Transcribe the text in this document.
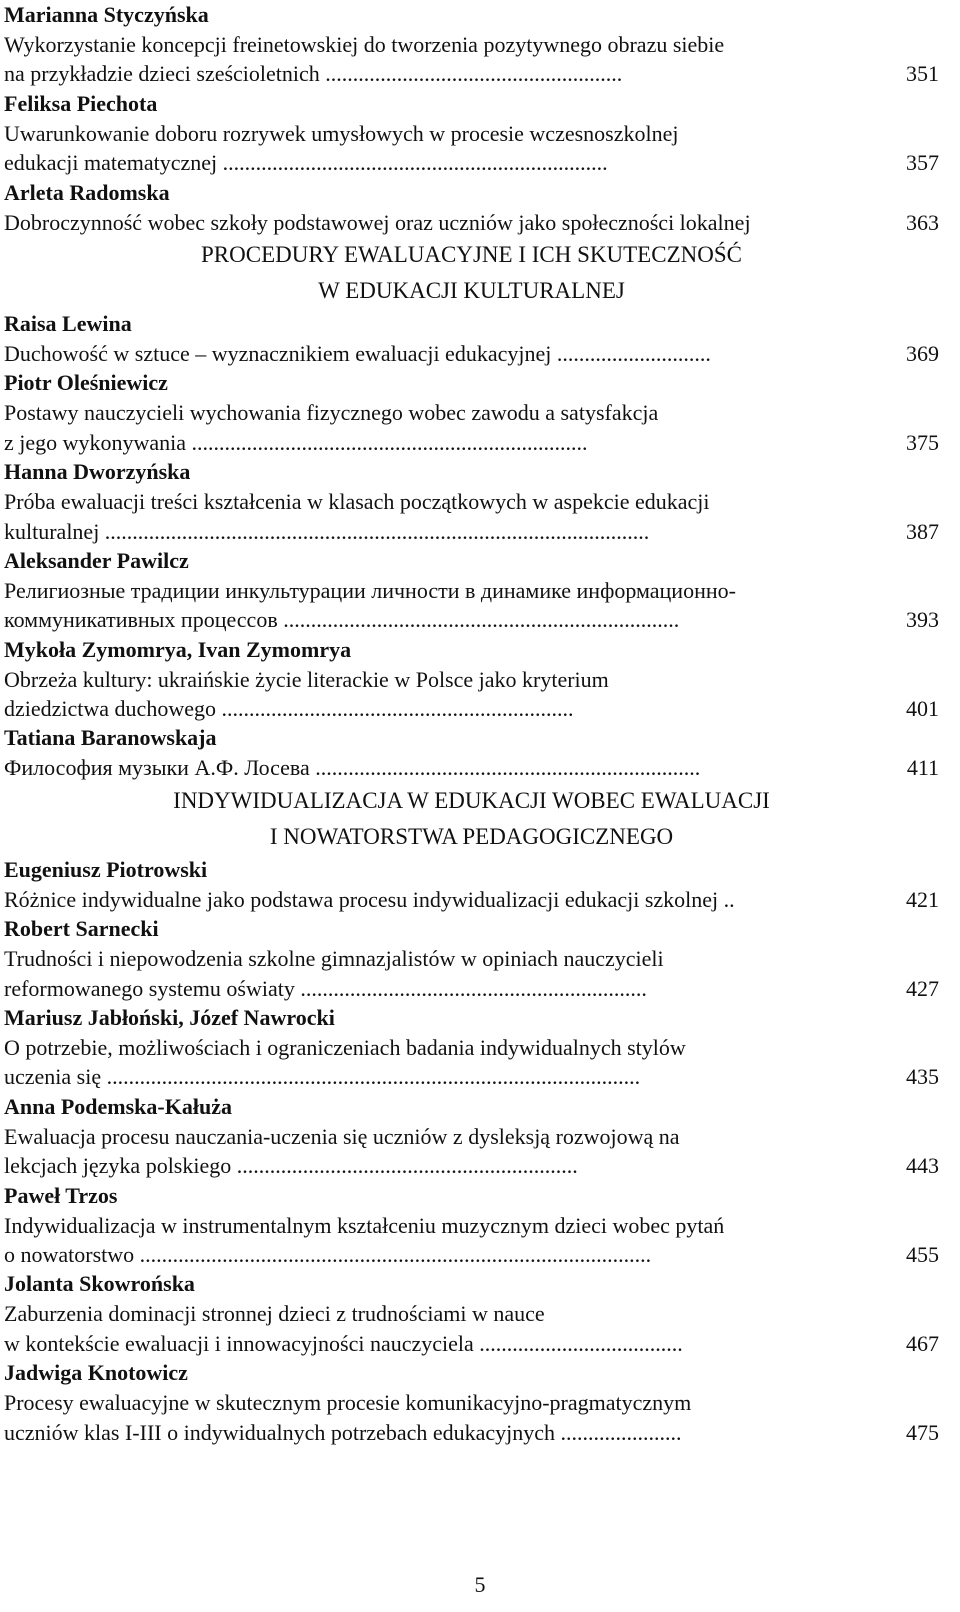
Marianna Styczyńska
Wykorzystanie koncepcji freinetowskiej do tworzenia pozytywnego obrazu siebie
na przykładzie dzieci sześcioletnich ......................................................	351
Feliksa Piechota
Uwarunkowanie doboru rozrywek umysłowych w procesie wczesnoszkolnej
edukacji matematycznej ......................................................................	357
Arleta Radomska
Dobroczynność wobec szkoły podstawowej oraz uczniów jako społeczności lokalnej	363
PROCEDURY EWALUACYJNE I ICH SKUTECZNOŚĆ
W EDUKACJI KULTURALNEJ
Raisa Lewina
Duchowość w sztuce – wyznacznikiem ewaluacji edukacyjnej ............................	369
Piotr Oleśniewicz
Postawy nauczycieli wychowania fizycznego wobec zawodu a satysfakcja
z jego wykonywania ........................................................................	375
Hanna Dworzyńska
Próba ewaluacji treści kształcenia w klasach początkowych w aspekcie edukacji
kulturalnej ...................................................................................................	387
Aleksander Pawilcz
Религиозные традиции инкультурации личности в динамике информационно-
коммуникативных процессов ........................................................................	393
Mykoła Zymomrya, Ivan Zymomrya
Obrzeża kultury: ukraińskie życie literackie w Polsce jako kryterium
dziedzictwa duchowego ................................................................	401
Tatiana Baranowskaja
Философия музыки А.Ф. Лосева ......................................................................	411
INDYWIDUALIZACJA W EDUKACJI WOBEC EWALUACJI
I NOWATORSTWA PEDAGOGICZNEGO
Eugeniusz Piotrowski
Różnice indywidualne jako podstawa procesu indywidualizacji edukacji szkolnej ..	421
Robert Sarnecki
Trudności i niepowodzenia szkolne gimnazjalistów w opiniach nauczycieli
reformowanego systemu oświaty ...............................................................	427
Mariusz Jabłoński, Józef Nawrocki
O potrzebie, możliwościach i ograniczeniach badania indywidualnych stylów
uczenia się .................................................................................................	435
Anna Podemska-Kałuża
Ewaluacja procesu nauczania-uczenia się uczniów z dysleksją rozwojową na
lekcjach języka polskiego ..............................................................	443
Paweł Trzos
Indywidualizacja w instrumentalnym kształceniu muzycznym dzieci wobec pytań
o nowatorstwo .............................................................................................	455
Jolanta Skowrońska
Zaburzenia dominacji stronnej dzieci z trudnościami w nauce
w kontekście ewaluacji i innowacyjności nauczyciela .....................................	467
Jadwiga Knotowicz
Procesy ewaluacyjne w skutecznym procesie komunikacyjno-pragmatycznym
uczniów klas I-III o indywidualnych potrzebach edukacyjnych ......................	475
5
